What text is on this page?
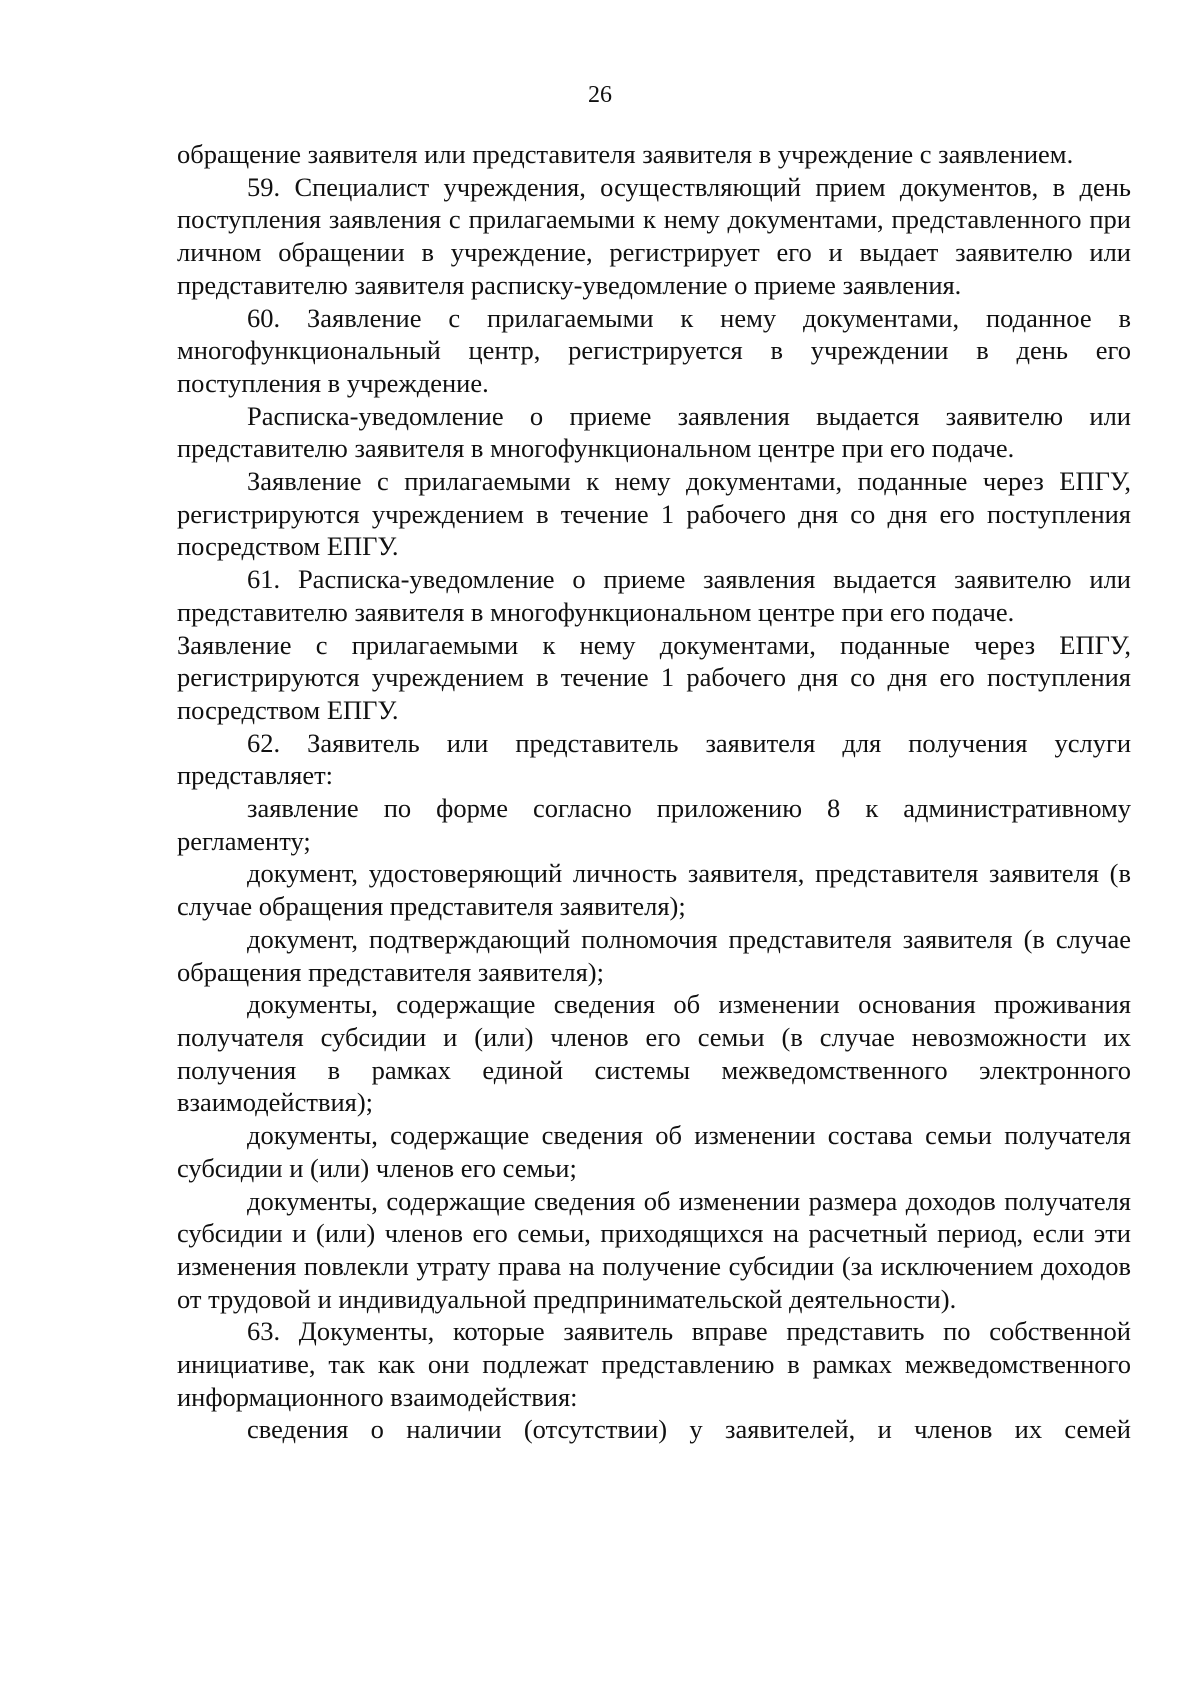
26

обращение заявителя или представителя заявителя в учреждение с заявлением.

59. Специалист учреждения, осуществляющий прием документов, в день поступления заявления с прилагаемыми к нему документами, представленного при личном обращении в учреждение, регистрирует его и выдает заявителю или представителю заявителя расписку-уведомление о приеме заявления.

60. Заявление с прилагаемыми к нему документами, поданное в многофункциональный центр, регистрируется в учреждении в день его поступления в учреждение.

Расписка-уведомление о приеме заявления выдается заявителю или представителю заявителя в многофункциональном центре при его подаче.

Заявление с прилагаемыми к нему документами, поданные через ЕПГУ, регистрируются учреждением в течение 1 рабочего дня со дня его поступления посредством ЕПГУ.

61. Расписка-уведомление о приеме заявления выдается заявителю или представителю заявителя в многофункциональном центре при его подаче.

Заявление с прилагаемыми к нему документами, поданные через ЕПГУ, регистрируются учреждением в течение 1 рабочего дня со дня его поступления посредством ЕПГУ.

62. Заявитель или представитель заявителя для получения услуги представляет:

заявление по форме согласно приложению 8 к административному регламенту;

документ, удостоверяющий личность заявителя, представителя заявителя (в случае обращения представителя заявителя);

документ, подтверждающий полномочия представителя заявителя (в случае обращения представителя заявителя);

документы, содержащие сведения об изменении основания проживания получателя субсидии и (или) членов его семьи (в случае невозможности их получения в рамках единой системы межведомственного электронного взаимодействия);

документы, содержащие сведения об изменении состава семьи получателя субсидии и (или) членов его семьи;

документы, содержащие сведения об изменении размера доходов получателя субсидии и (или) членов его семьи, приходящихся на расчетный период, если эти изменения повлекли утрату права на получение субсидии (за исключением доходов от трудовой и индивидуальной предпринимательской деятельности).

63. Документы, которые заявитель вправе представить по собственной инициативе, так как они подлежат представлению в рамках межведомственного информационного взаимодействия:

сведения о наличии (отсутствии) у заявителей, и членов их семей
